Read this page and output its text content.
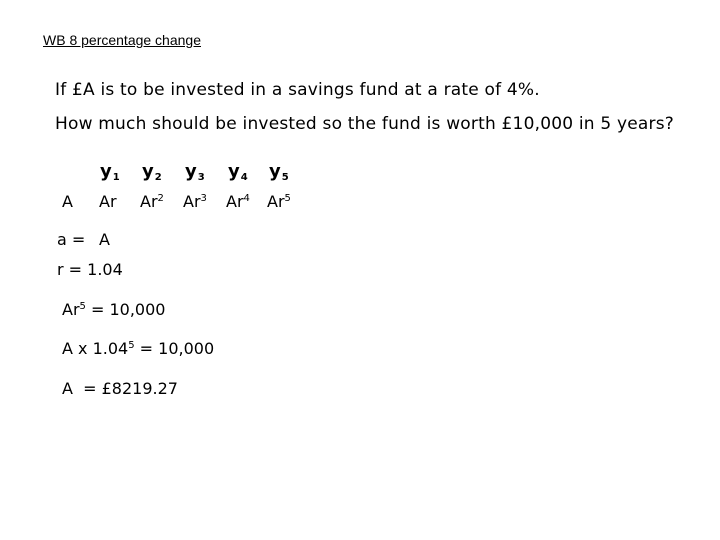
WB 8 percentage change
If £A is to be invested in a savings fund at a rate of 4%.
How much should be invested so the fund is worth £10,000 in 5 years?
$y_1$ $y_2$ $y_3$ $y_4$ $y_5$
A Ar Ar$^2$ Ar$^3$ Ar$^4$ Ar$^5$
a = A
r = 1.04
$Ar^5 = 10,000$
A x $1.04^5 = 10,000$
A  = £8219.27
